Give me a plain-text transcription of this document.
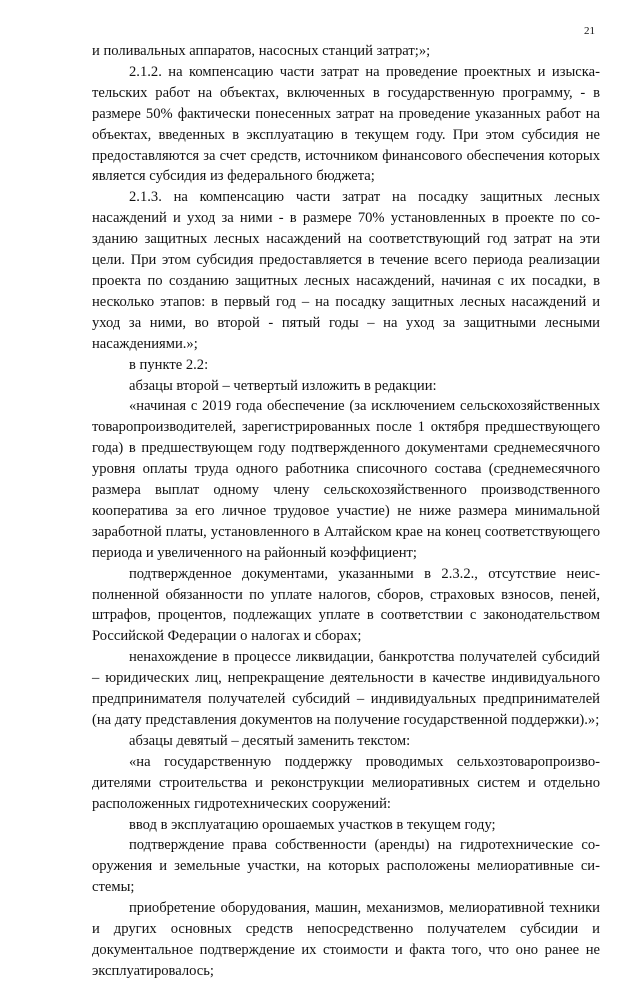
21

и поливальных аппаратов, насосных станций затрат;»;

2.1.2. на компенсацию части затрат на проведение проектных и изыскательских работ на объектах, включенных в государственную программу, - в размере 50% фактически понесенных затрат на проведение указанных работ на объектах, введенных в эксплуатацию в текущем году. При этом субсидия не предоставляются за счет средств, источником финансового обеспечения которых является субсидия из федерального бюджета;

2.1.3. на компенсацию части затрат на посадку защитных лесных насаждений и уход за ними - в размере 70% установленных в проекте по созданию защитных лесных насаждений на соответствующий год затрат на эти цели. При этом субсидия предоставляется в течение всего периода реализации проекта по созданию защитных лесных насаждений, начиная с их посадки, в несколько этапов: в первый год – на посадку защитных лесных насаждений и уход за ними, во второй - пятый годы – на уход за защитными лесными насаждениями.»;

в пункте 2.2:

абзацы второй – четвертый изложить в редакции:

«начиная с 2019 года обеспечение (за исключением сельскохозяйственных товаропроизводителей, зарегистрированных после 1 октября предшествующего года) в предшествующем году подтвержденного документами среднемесячного уровня оплаты труда одного работника списочного состава (среднемесячного размера выплат одному члену сельскохозяйственного производственного кооператива за его личное трудовое участие) не ниже размера минимальной заработной платы, установленного в Алтайском крае на конец соответствующего периода и увеличенного на районный коэффициент;

подтвержденное документами, указанными в 2.3.2., отсутствие неисполненной обязанности по уплате налогов, сборов, страховых взносов, пеней, штрафов, процентов, подлежащих уплате в соответствии с законодательством Российской Федерации о налогах и сборах;

ненахождение в процессе ликвидации, банкротства получателей субсидий – юридических лиц, непрекращение деятельности в качестве индивидуального предпринимателя получателей субсидий – индивидуальных предпринимателей (на дату представления документов на получение государственной поддержки).»;

абзацы девятый – десятый заменить текстом:

«на государственную поддержку проводимых сельхозтоваропроизводителями строительства и реконструкции мелиоративных систем и отдельно расположенных гидротехнических сооружений:

ввод в эксплуатацию орошаемых участков в текущем году;

подтверждение права собственности (аренды) на гидротехнические сооружения и земельные участки, на которых расположены мелиоративные системы;

приобретение оборудования, машин, механизмов, мелиоративной техники и других основных средств непосредственно получателем субсидии и документальное подтверждение их стоимости и факта того, что оно ранее не эксплуатировалось;
